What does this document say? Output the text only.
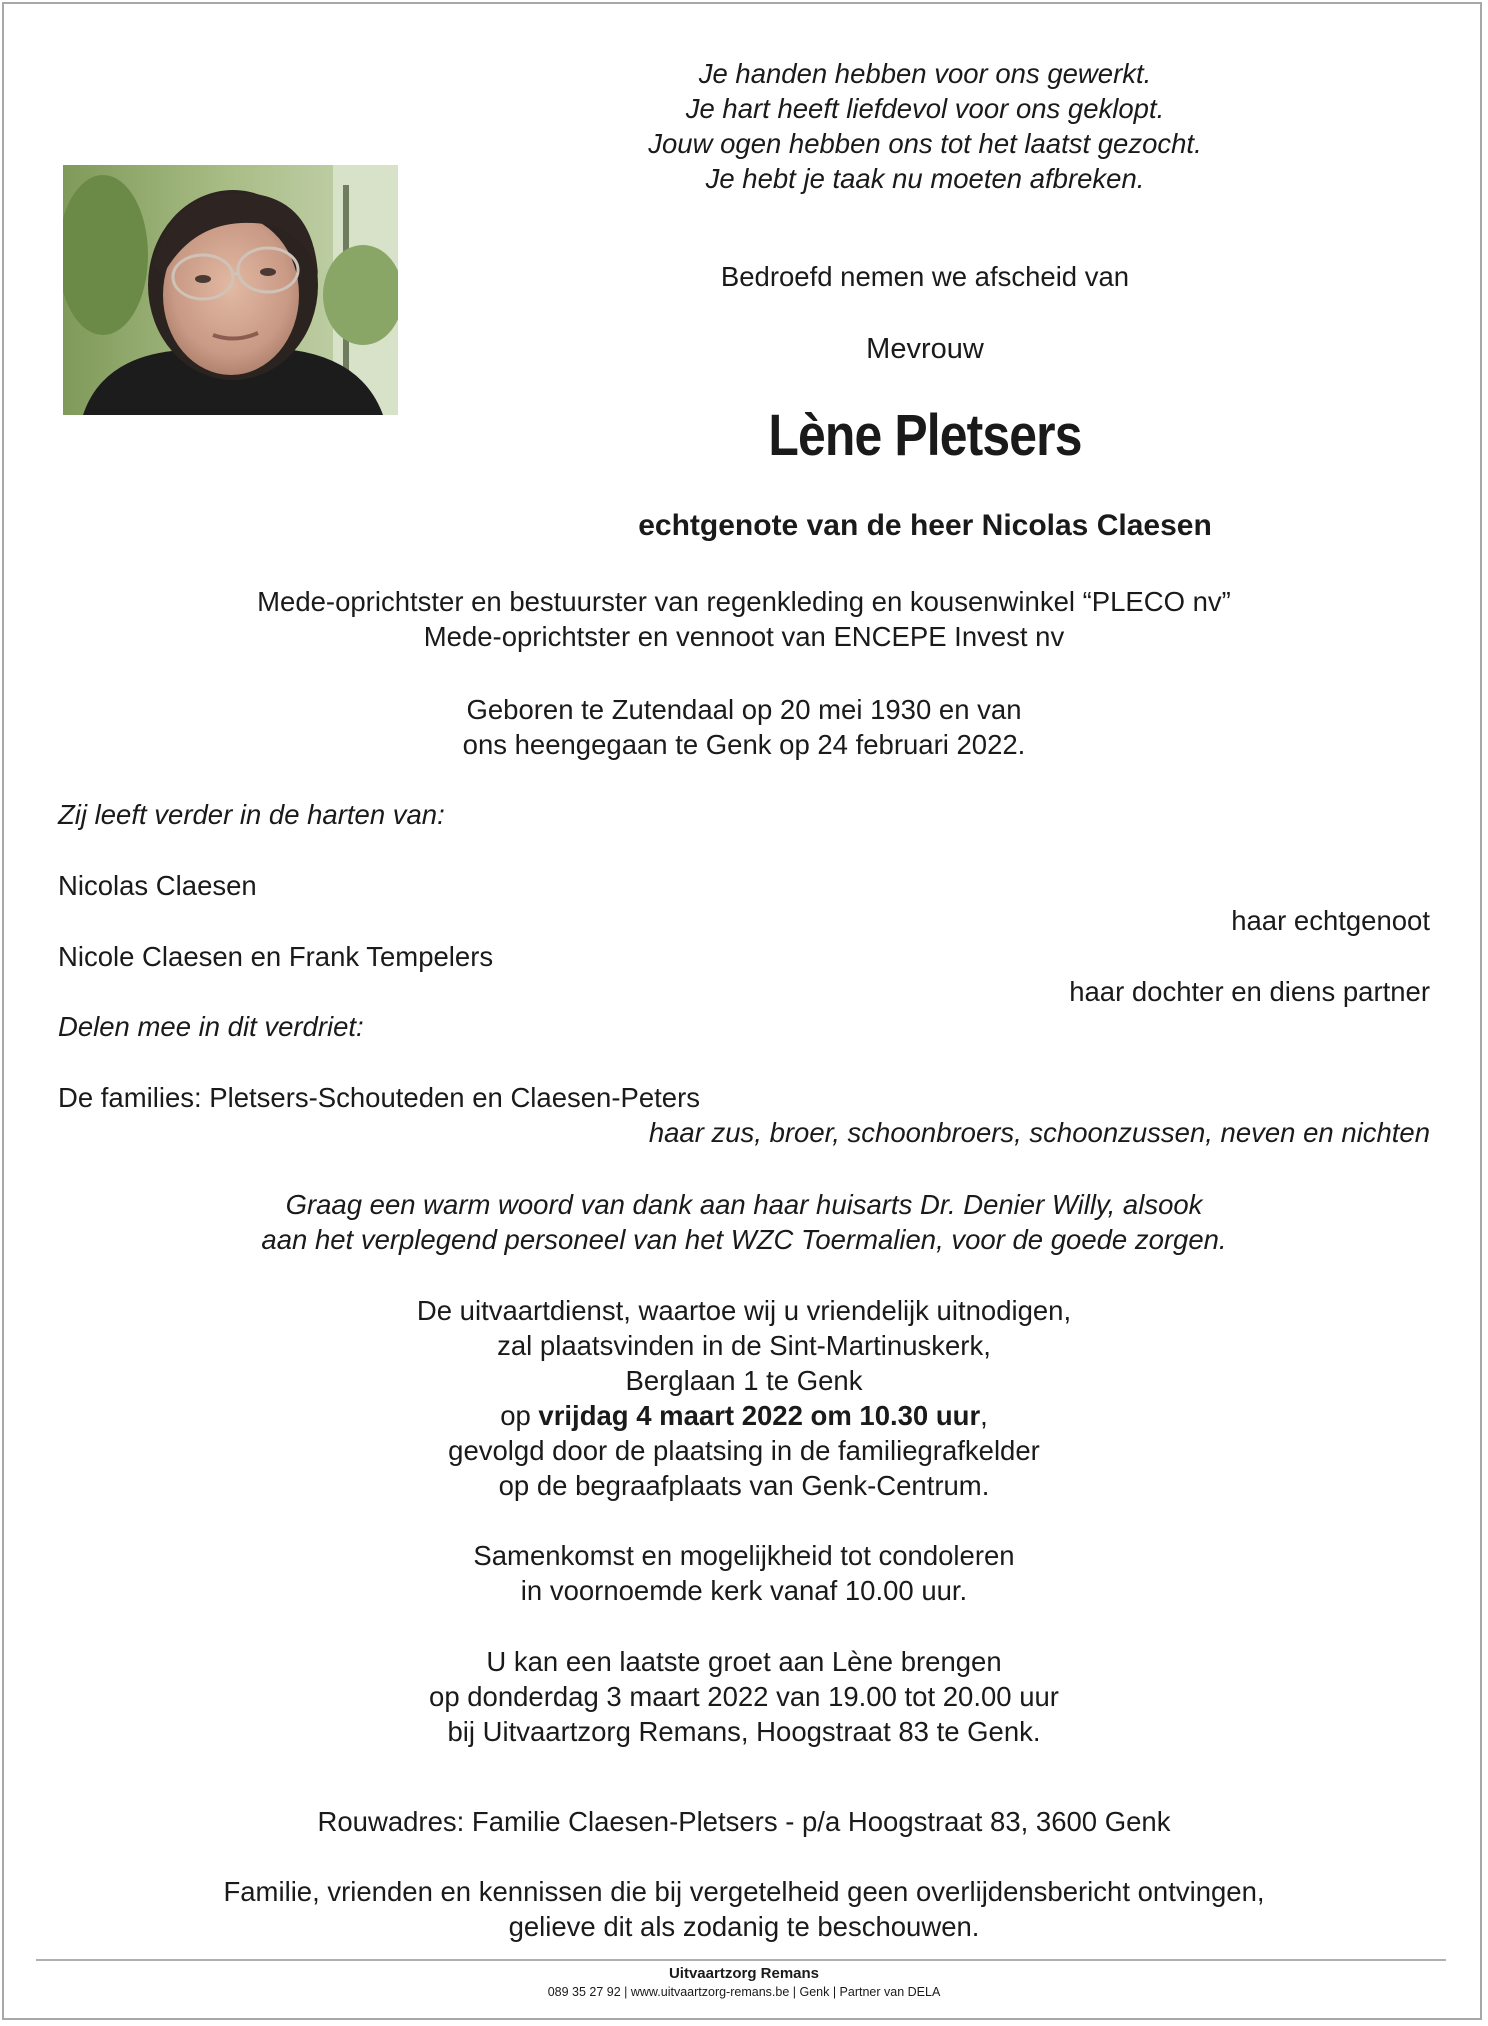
Je handen hebben voor ons gewerkt.
Je hart heeft liefdevol voor ons geklopt.
Jouw ogen hebben ons tot het laatst gezocht.
Je hebt je taak nu moeten afbreken.
Bedroefd nemen we afscheid van
Mevrouw
Lène Pletsers
echtgenote van de heer Nicolas Claesen
Mede-oprichtster en bestuurster van regenkleding en kousenwinkel “PLECO nv”
Mede-oprichtster en vennoot van ENCEPE Invest nv
Geboren te Zutendaal op 20 mei 1930 en van
ons heengegaan te Genk op 24 februari 2022.
Zij leeft verder in de harten van:
Nicolas Claesen
haar echtgenoot
Nicole Claesen en Frank Tempelers
haar dochter en diens partner
Delen mee in dit verdriet:
De families: Pletsers-Schouteden en Claesen-Peters
haar zus, broer, schoonbroers, schoonzussen, neven en nichten
Graag een warm woord van dank aan haar huisarts Dr. Denier Willy, alsook
aan het verplegend personeel van het WZC Toermalien, voor de goede zorgen.
De uitvaartdienst, waartoe wij u vriendelijk uitnodigen,
zal plaatsvinden in de Sint-Martinuskerk,
Berglaan 1 te Genk
op vrijdag 4 maart 2022 om 10.30 uur,
gevolgd door de plaatsing in de familiegrafkelder
op de begraafplaats van Genk-Centrum.
Samenkomst en mogelijkheid tot condoleren
in voornoemde kerk vanaf 10.00 uur.
U kan een laatste groet aan Lène brengen
op donderdag 3 maart 2022 van 19.00 tot 20.00 uur
bij Uitvaartzorg Remans, Hoogstraat 83 te Genk.
Rouwadres: Familie Claesen-Pletsers - p/a Hoogstraat 83, 3600 Genk
Familie, vrienden en kennissen die bij vergetelheid geen overlijdensbericht ontvingen,
gelieve dit als zodanig te beschouwen.
Uitvaartzorg Remans
089 35 27 92 | www.uitvaartzorg-remans.be | Genk | Partner van DELA
